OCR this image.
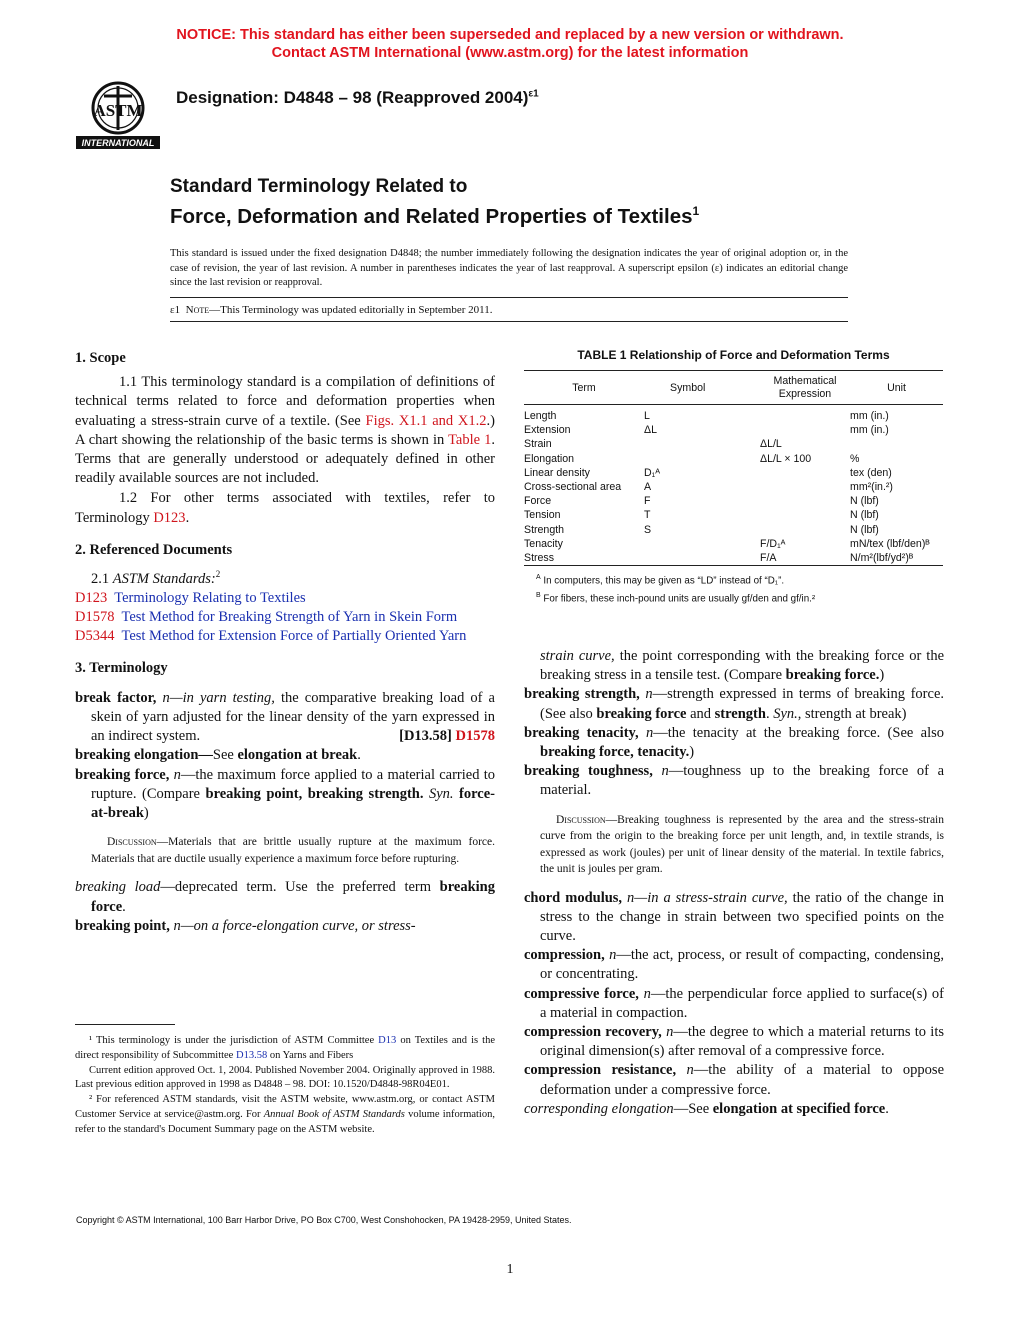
NOTICE: This standard has either been superseded and replaced by a new version or withdrawn.
Contact ASTM International (www.astm.org) for the latest information
ASTM
INTERNATIONAL
Designation: D4848 – 98 (Reapproved 2004)$^{\varepsilon 1}$
Standard Terminology Related to
Force, Deformation and Related Properties of Textiles$^1$
This standard is issued under the fixed designation D4848; the number immediately following the designation indicates the year of original adoption or, in the case of revision, the year of last revision. A number in parentheses indicates the year of last reapproval. A superscript epsilon (ε) indicates an editorial change since the last revision or reapproval.
ε1 Note—This Terminology was updated editorially in September 2011.

1. Scope

1.1 This terminology standard is a compilation of definitions of technical terms related to force and deformation properties when evaluating a stress-strain curve of a textile. (See Figs. X1.1 and X1.2.) A chart showing the relationship of the basic terms is shown in Table 1. Terms that are generally understood or adequately defined in other readily available sources are not included.

1.2 For other terms associated with textiles, refer to Terminology D123.

2. Referenced Documents

2.1 ASTM Standards:$^2$

D123 Terminology Relating to Textiles

D1578 Test Method for Breaking Strength of Yarn in Skein Form

D5344 Test Method for Extension Force of Partially Oriented Yarn

3. Terminology

break factor, n—in yarn testing, the comparative breaking load of a skein of yarn adjusted for the linear density of the yarn expressed in an indirect system.	[D13.58] D1578

breaking elongation—See elongation at break.

breaking force, n—the maximum force applied to a material carried to rupture. (Compare breaking point, breaking strength. Syn. force-at-break)

Discussion—Materials that are brittle usually rupture at the maximum force. Materials that are ductile usually experience a maximum force before rupturing.

breaking load—deprecated term. Use the preferred term breaking force.

breaking point, n—on a force-elongation curve, or stress-

¹ This terminology is under the jurisdiction of ASTM Committee D13 on Textiles and is the direct responsibility of Subcommittee D13.58 on Yarns and Fibers

Current edition approved Oct. 1, 2004. Published November 2004. Originally approved in 1988. Last previous edition approved in 1998 as D4848 – 98. DOI: 10.1520/D4848-98R04E01.

² For referenced ASTM standards, visit the ASTM website, www.astm.org, or contact ASTM Customer Service at service@astm.org. For Annual Book of ASTM Standards volume information, refer to the standard's Document Summary page on the ASTM website.

TABLE 1 Relationship of Force and Deformation Terms
Term	Symbol	Mathematical Expression	Unit

Length	L		mm (in.)
Extension	ΔL		mm (in.)
Strain		ΔL/L	
Elongation		ΔL/L × 100	%
Linear density	D₁ᴬ		tex (den)
Cross-sectional area	A		mm²(in.²)
Force	F		N (lbf)
Tension	T		N (lbf)
Strength	S		N (lbf)
Tenacity		F/D₁ᴬ	mN/tex (lbf/den)ᴮ
Stress		F/A	N/m²(lbf/yd²)ᴮ
$^A$ In computers, this may be given as “LD” instead of “D₁”.
$^B$ For fibers, these inch-pound units are usually gf/den and gf/in.²

strain curve, the point corresponding with the breaking force or the breaking stress in a tensile test. (Compare breaking force.)

breaking strength, n—strength expressed in terms of breaking force. (See also breaking force and strength. Syn., strength at break)

breaking tenacity, n—the tenacity at the breaking force. (See also breaking force, tenacity.)

breaking toughness, n—toughness up to the breaking force of a material.

Discussion—Breaking toughness is represented by the area and the stress-strain curve from the origin to the breaking force per unit length, and, in textile strands, is expressed as work (joules) per unit of linear density of the material. In textile fabrics, the unit is joules per gram.

chord modulus, n—in a stress-strain curve, the ratio of the change in stress to the change in strain between two specified points on the curve.

compression, n—the act, process, or result of compacting, condensing, or concentrating.

compressive force, n—the perpendicular force applied to surface(s) of a material in compaction.

compression recovery, n—the degree to which a material returns to its original dimension(s) after removal of a compressive force.

compression resistance, n—the ability of a material to oppose deformation under a compressive force.

corresponding elongation—See elongation at specified force.

Copyright © ASTM International, 100 Barr Harbor Drive, PO Box C700, West Conshohocken, PA 19428-2959, United States.
1
